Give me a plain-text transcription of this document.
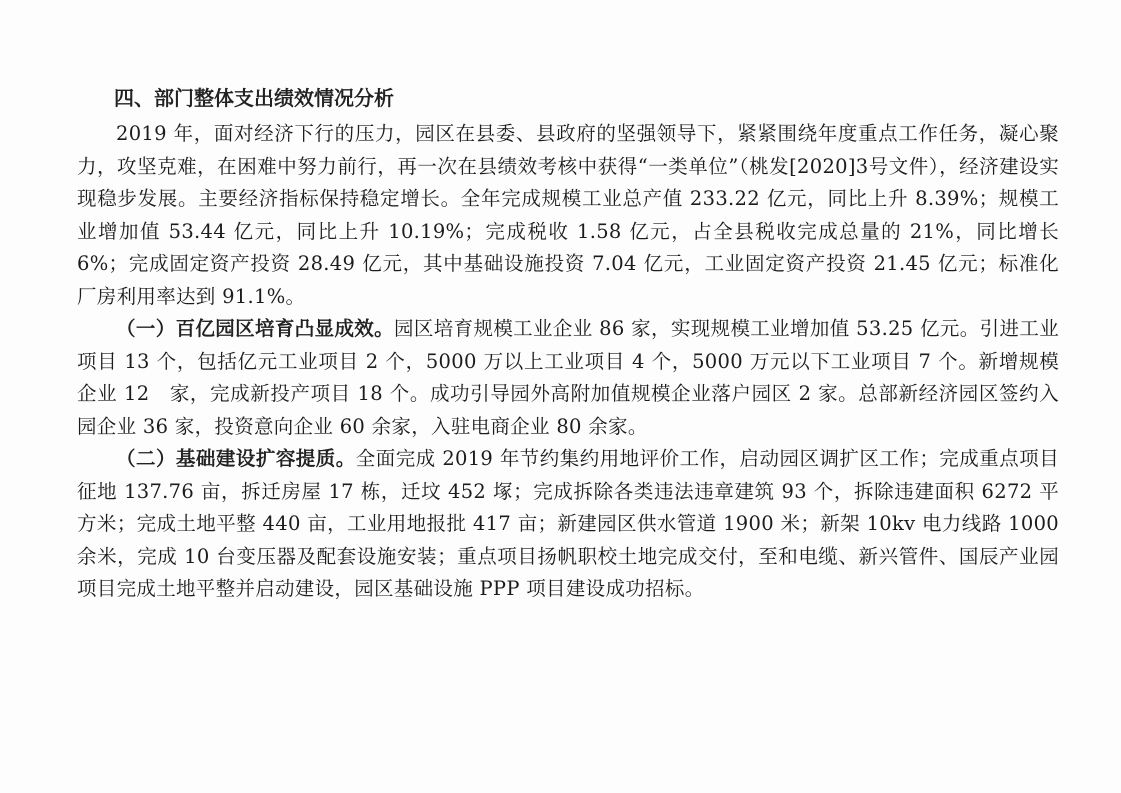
四、部门整体支出绩效情况分析

2019 年，面对经济下行的压力，园区在县委、县政府的坚强领导下，紧紧围绕年度重点工作任务，凝心聚力，攻坚克难，在困难中努力前行，再一次在县绩效考核中获得“一类单位”（桃发[2020]3号文件），经济建设实现稳步发展。主要经济指标保持稳定增长。全年完成规模工业总产值 233.22 亿元，同比上升 8.39%；规模工业增加值 53.44 亿元，同比上升 10.19%；完成税收 1.58 亿元，占全县税收完成总量的 21%，同比增长 6%；完成固定资产投资 28.49 亿元，其中基础设施投资 7.04 亿元，工业固定资产投资 21.45 亿元；标准化厂房利用率达到 91.1%。

（一）百亿园区培育凸显成效。园区培育规模工业企业 86 家，实现规模工业增加值 53.25 亿元。引进工业项目 13 个，包括亿元工业项目 2 个，5000 万以上工业项目 4 个，5000 万元以下工业项目 7 个。新增规模企业 12　家，完成新投产项目 18 个。成功引导园外高附加值规模企业落户园区 2 家。总部新经济园区签约入园企业 36 家，投资意向企业 60 余家，入驻电商企业 80 余家。

（二）基础建设扩容提质。全面完成 2019 年节约集约用地评价工作，启动园区调扩区工作；完成重点项目征地 137.76 亩，拆迁房屋 17 栋，迁坟 452 塚；完成拆除各类违法违章建筑 93 个，拆除违建面积 6272 平方米；完成土地平整 440 亩，工业用地报批 417 亩；新建园区供水管道 1900 米；新架 10kv 电力线路 1000 余米，完成 10 台变压器及配套设施安装；重点项目扬帆职校土地完成交付，至和电缆、新兴管件、国辰产业园项目完成土地平整并启动建设，园区基础设施 PPP 项目建设成功招标。
